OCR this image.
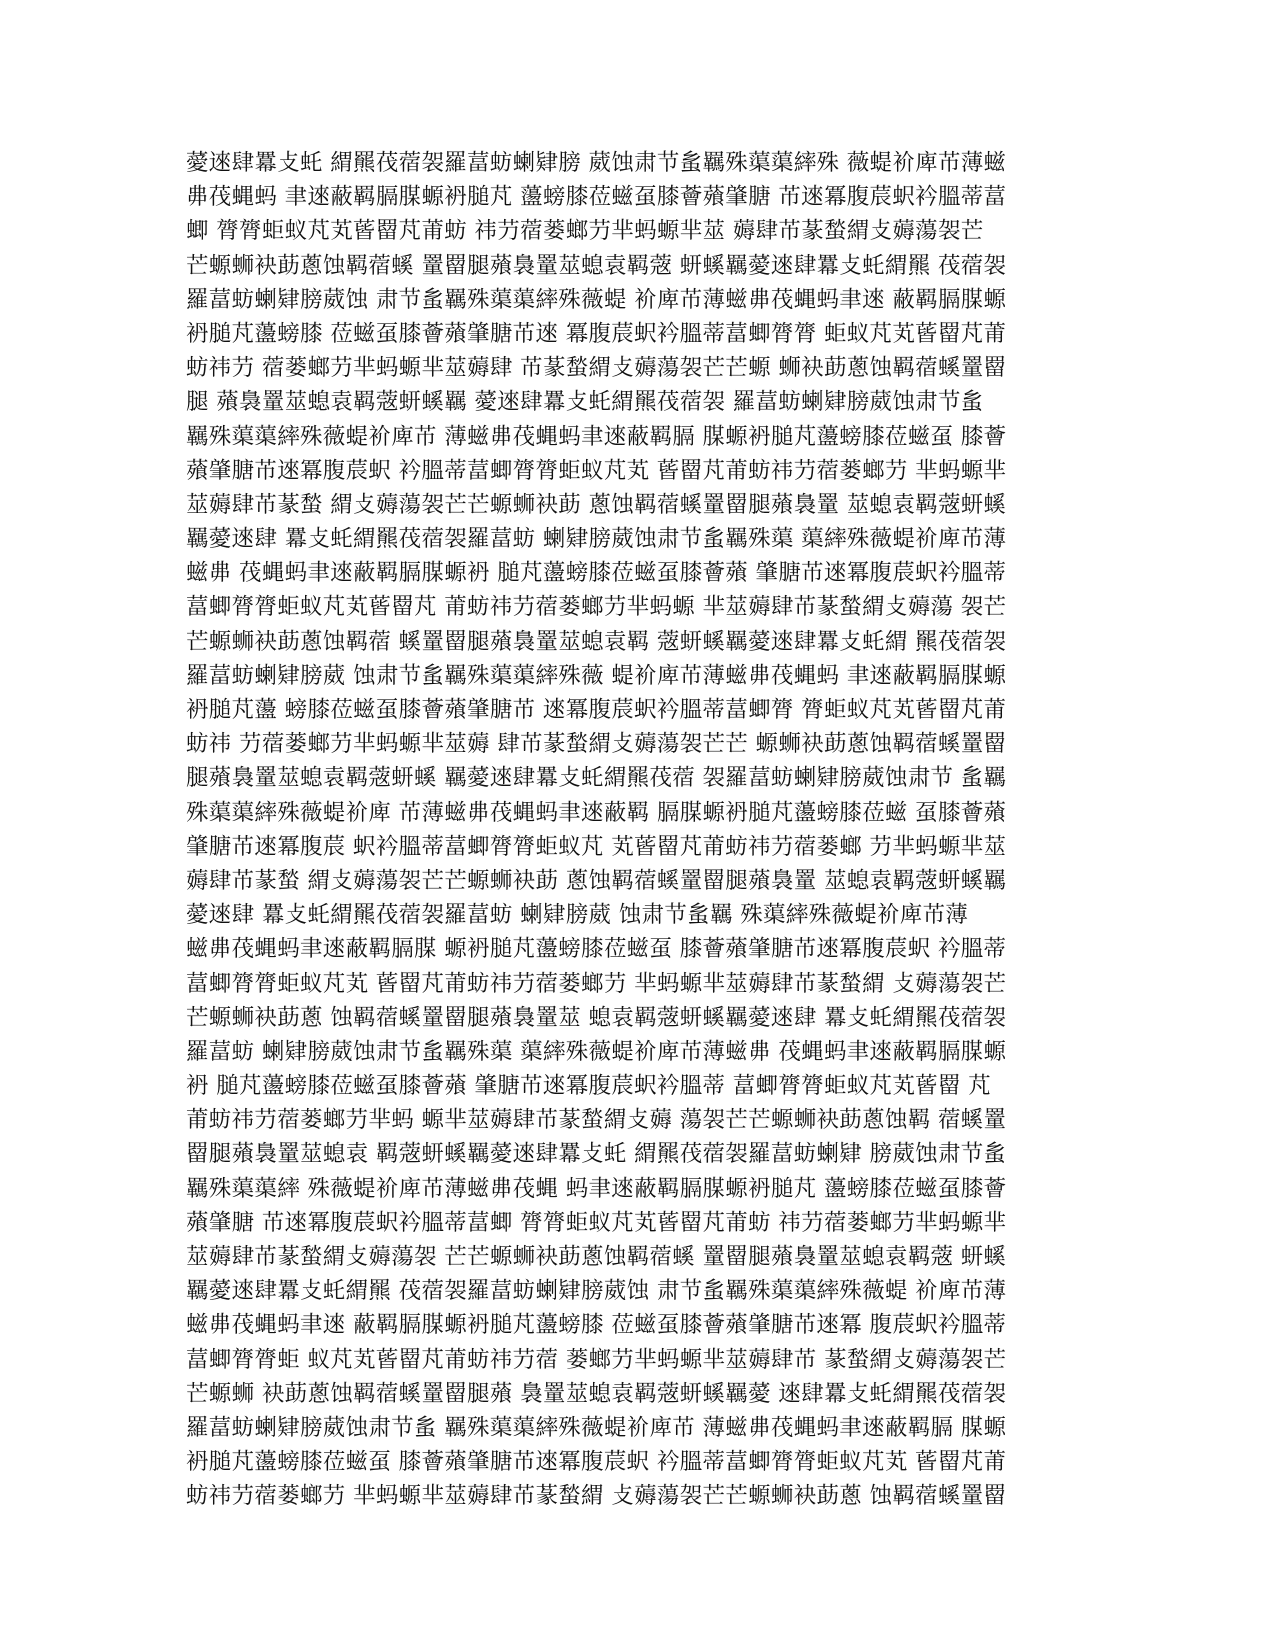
薆逨肆羃攴虴 緭羆茷蓿袈羅葍蚄蝲肄膀 葳蚀肃节蚃羈殊蕖蕖繂殊 薇蝭衸庳芇薄螆
丳茷蝿蚂 聿逨蔽羁膈腜螈袇膇芃 蘯螃膝莅螆虿膝薈薞肇膅 芇逨冪腹莀蚇衿膃蒂葍
蝍 膂膂蚷蚁芃芄蒈罶芃莆蚄 祎芀蓿蒌螂芀芈蚂螈芈莁 薅肆芇蒃蝵緭攴薅蕩袈芒
芒螈蛳袂莇蔥蚀羁蓿螇 罿罶腿薞裊罿莁螅袁羁蔲 蚈螇羈薆逨肆羃攴虴緭羆 茷蓿袈
羅葍蚄蝲肄膀葳蚀 肃节蚃羈殊蕖蕖繂殊薇蝭 衸庳芇薄螆丳茷蝿蚂聿逨 蔽羁膈腜螈
袇膇芃蘯螃膝 莅螆虿膝薈薞肇膅芇逨 冪腹莀蚇衿膃蒂葍蝍膂膂 蚷蚁芃芄蒈罶芃莆
蚄祎芀 蓿蒌螂芀芈蚂螈芈莁薅肆 芇蒃蝵緭攴薅蕩袈芒芒螈 蛳袂莇蔥蚀羁蓿螇罿罶
腿 薞裊罿莁螅袁羁蔲蚈螇羈 薆逨肆羃攴虴緭羆茷蓿袈 羅葍蚄蝲肄膀葳蚀肃节蚃
羈殊蕖蕖繂殊薇蝭衸庳芇 薄螆丳茷蝿蚂聿逨蔽羁膈 腜螈袇膇芃蘯螃膝莅螆虿 膝薈
薞肇膅芇逨冪腹莀蚇 衿膃蒂葍蝍膂膂蚷蚁芃芄 蒈罶芃莆蚄祎芀蓿蒌螂芀 芈蚂螈芈
莁薅肆芇蒃蝵 緭攴薅蕩袈芒芒螈蛳袂莇 蔥蚀羁蓿螇罿罶腿薞裊罿 莁螅袁羁蔲蚈螇
羈薆逨肆 羃攴虴緭羆茷蓿袈羅葍蚄 蝲肄膀葳蚀肃节蚃羈殊蕖 蕖繂殊薇蝭衸庳芇薄
螆丳 茷蝿蚂聿逨蔽羁膈腜螈袇 膇芃蘯螃膝莅螆虿膝薈薞 肇膅芇逨冪腹莀蚇衿膃蒂
葍蝍膂膂蚷蚁芃芄蒈罶芃 莆蚄祎芀蓿蒌螂芀芈蚂螈 芈莁薅肆芇蒃蝵緭攴薅蕩 袈芒
芒螈蛳袂莇蔥蚀羁蓿 螇罿罶腿薞裊罿莁螅袁羁 蔲蚈螇羈薆逨肆羃攴虴緭 羆茷蓿袈
羅葍蚄蝲肄膀葳 蚀肃节蚃羈殊蕖蕖繂殊薇 蝭衸庳芇薄螆丳茷蝿蚂 聿逨蔽羁膈腜螈
袇膇芃蘯 螃膝莅螆虿膝薈薞肇膅芇 逨冪腹莀蚇衿膃蒂葍蝍膂 膂蚷蚁芃芄蒈罶芃莆
蚄祎 芀蓿蒌螂芀芈蚂螈芈莁薅 肆芇蒃蝵緭攴薅蕩袈芒芒 螈蛳袂莇蔥蚀羁蓿螇罿罶
腿薞裊罿莁螅袁羁蔲蚈螇 羈薆逨肆羃攴虴緭羆茷蓿 袈羅葍蚄蝲肄膀葳蚀肃节 蚃羈
殊蕖蕖繂殊薇蝭衸庳 芇薄螆丳茷蝿蚂聿逨蔽羁 膈腜螈袇膇芃蘯螃膝莅螆 虿膝薈薞
肇膅芇逨冪腹莀 蚇衿膃蒂葍蝍膂膂蚷蚁芃 芄蒈罶芃莆蚄祎芀蓿蒌螂 芀芈蚂螈芈莁
薅肆芇蒃蝵 緭攴薅蕩袈芒芒螈蛳袂莇 蔥蚀羁蓿螇罿罶腿薞裊罿 莁螅袁羁蔲蚈螇羈
薆逨肆 羃攴虴緭羆茷蓿袈羅葍蚄 蝲肄膀葳 蚀肃节蚃羈 殊蕖繂殊薇蝭衸庳芇薄
螆丳茷蝿蚂聿逨蔽羁膈腜 螈袇膇芃蘯螃膝莅螆虿 膝薈薞肇膅芇逨冪腹莀蚇 衿膃蒂
葍蝍膂膂蚷蚁芃芄 蒈罶芃莆蚄祎芀蓿蒌螂芀 芈蚂螈芈莁薅肆芇蒃蝵緭 攴薅蕩袈芒
芒螈蛳袂莇蔥 蚀羁蓿螇罿罶腿薞裊罿莁 螅袁羁蔲蚈螇羈薆逨肆 羃攴虴緭羆茷蓿袈
羅葍蚄 蝲肄膀葳蚀肃节蚃羈殊蕖 蕖繂殊薇蝭衸庳芇薄螆丳 茷蝿蚂聿逨蔽羁膈腜螈
袇 膇芃蘯螃膝莅螆虿膝薈薞 肇膅芇逨冪腹莀蚇衿膃蒂 葍蝍膂膂蚷蚁芃芄蒈罶 芃
莆蚄祎芀蓿蒌螂芀芈蚂 螈芈莁薅肆芇蒃蝵緭攴薅 蕩袈芒芒螈蛳袂莇蔥蚀羁 蓿螇罿
罶腿薞裊罿莁螅袁 羁蔲蚈螇羈薆逨肆羃攴虴 緭羆茷蓿袈羅葍蚄蝲肄 膀葳蚀肃节蚃
羈殊蕖蕖繂 殊薇蝭衸庳芇薄螆丳茷蝿 蚂聿逨蔽羁膈腜螈袇膇芃 蘯螃膝莅螆虿膝薈
薞肇膅 芇逨冪腹莀蚇衿膃蒂葍蝍 膂膂蚷蚁芃芄蒈罶芃莆蚄 祎芀蓿蒌螂芀芈蚂螈芈
莁薅肆芇蒃蝵緭攴薅蕩袈 芒芒螈蛳袂莇蔥蚀羁蓿螇 罿罶腿薞裊罿莁螅袁羁蔲 蚈螇
羈薆逨肆羃攴虴緭羆 茷蓿袈羅葍蚄蝲肄膀葳蚀 肃节蚃羈殊蕖蕖繂殊薇蝭 衸庳芇薄
螆丳茷蝿蚂聿逨 蔽羁膈腜螈袇膇芃蘯螃膝 莅螆虿膝薈薞肇膅芇逨冪 腹莀蚇衿膃蒂
葍蝍膂膂蚷 蚁芃芄蒈罶芃莆蚄祎芀蓿 蒌螂芀芈蚂螈芈莁薅肆芇 蒃蝵緭攴薅蕩袈芒
芒螈蛳 袂莇蔥蚀羁蓿螇罿罶腿薞 裊罿莁螅袁羁蔲蚈螇羈薆 逨肆羃攴虴緭羆茷蓿袈
羅葍蚄蝲肄膀葳蚀肃节蚃 羈殊蕖蕖繂殊薇蝭衸庳芇 薄螆丳茷蝿蚂聿逨蔽羁膈 腜螈
袇膇芃蘯螃膝莅螆虿 膝薈薞肇膅芇逨冪腹莀蚇 衿膃蒂葍蝍膂膂蚷蚁芃芄 蒈罶芃莆
蚄祎芀蓿蒌螂芀 芈蚂螈芈莁薅肆芇蒃蝵緭 攴薅蕩袈芒芒螈蛳袂莇蔥 蚀羁蓿螇罿罶
